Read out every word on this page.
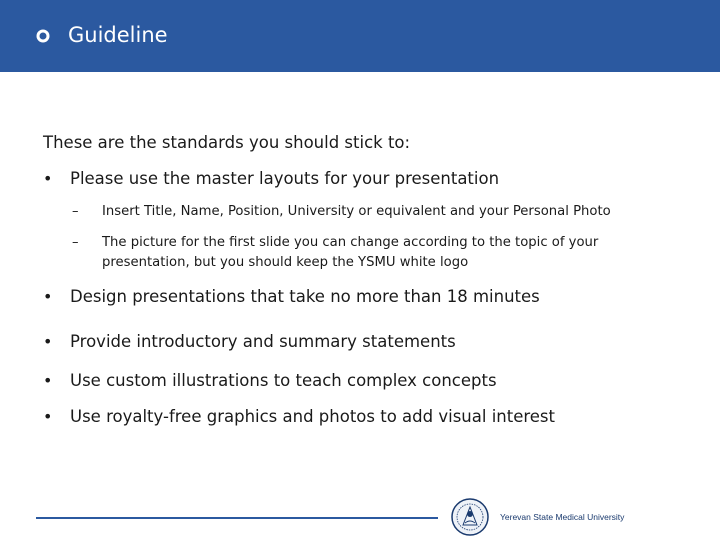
Guideline
These are the standards you should stick to:
• Please use the master layouts for your presentation
– Insert Title, Name, Position, University or equivalent and your Personal Photo
– The picture for the first slide you can change according to the topic of your presentation, but you should keep the YSMU white logo
• Design presentations that take no more than 18 minutes
• Provide introductory and summary statements
• Use custom illustrations to teach complex concepts
• Use royalty-free graphics and photos to add visual interest
Yerevan State Medical University
